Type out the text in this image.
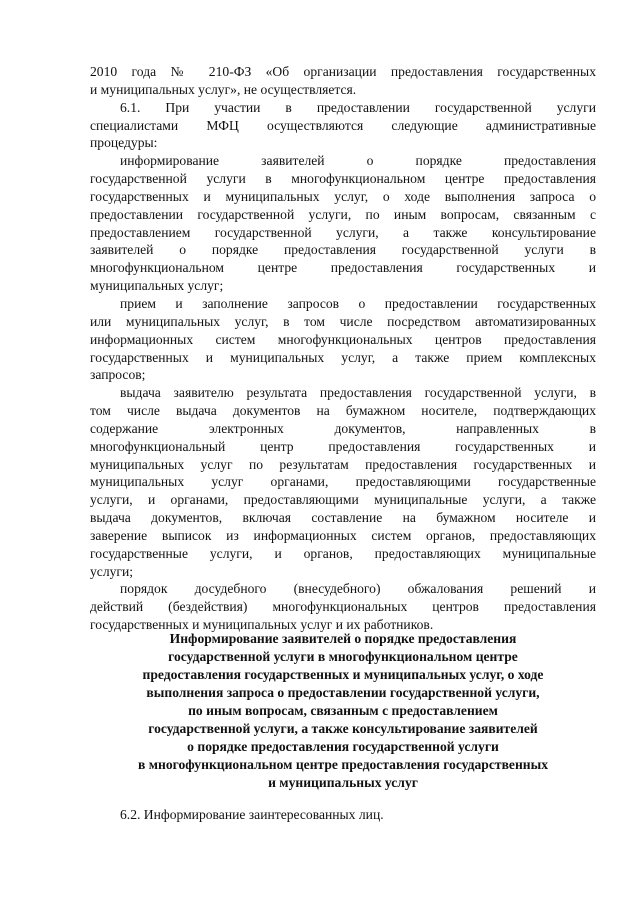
2010 года № 210-ФЗ «Об организации предоставления государственных
и муниципальных услуг», не осуществляется.
6.1. При участии в предоставлении государственной услуги
специалистами МФЦ осуществляются следующие административные
процедуры:
информирование заявителей о порядке предоставления
государственной услуги в многофункциональном центре предоставления
государственных и муниципальных услуг, о ходе выполнения запроса о
предоставлении государственной услуги, по иным вопросам, связанным с
предоставлением государственной услуги, а также консультирование
заявителей о порядке предоставления государственной услуги в
многофункциональном центре предоставления государственных и
муниципальных услуг;
прием и заполнение запросов о предоставлении государственных
или муниципальных услуг, в том числе посредством автоматизированных
информационных систем многофункциональных центров предоставления
государственных и муниципальных услуг, а также прием комплексных
запросов;
выдача заявителю результата предоставления государственной услуги, в
том числе выдача документов на бумажном носителе, подтверждающих
содержание электронных документов, направленных в
многофункциональный центр предоставления государственных и
муниципальных услуг по результатам предоставления государственных и
муниципальных услуг органами, предоставляющими государственные
услуги, и органами, предоставляющими муниципальные услуги, а также
выдача документов, включая составление на бумажном носителе и
заверение выписок из информационных систем органов, предоставляющих
государственные услуги, и органов, предоставляющих муниципальные
услуги;
порядок досудебного (внесудебного) обжалования решений и
действий (бездействия) многофункциональных центров предоставления
государственных и муниципальных услуг и их работников.
Информирование заявителей о порядке предоставления
государственной услуги в многофункциональном центре
предоставления государственных и муниципальных услуг, о ходе
выполнения запроса о предоставлении государственной услуги,
по иным вопросам, связанным с предоставлением
государственной услуги, а также консультирование заявителей
о порядке предоставления государственной услуги
в многофункциональном центре предоставления государственных
и муниципальных услуг
6.2. Информирование заинтересованных лиц.
